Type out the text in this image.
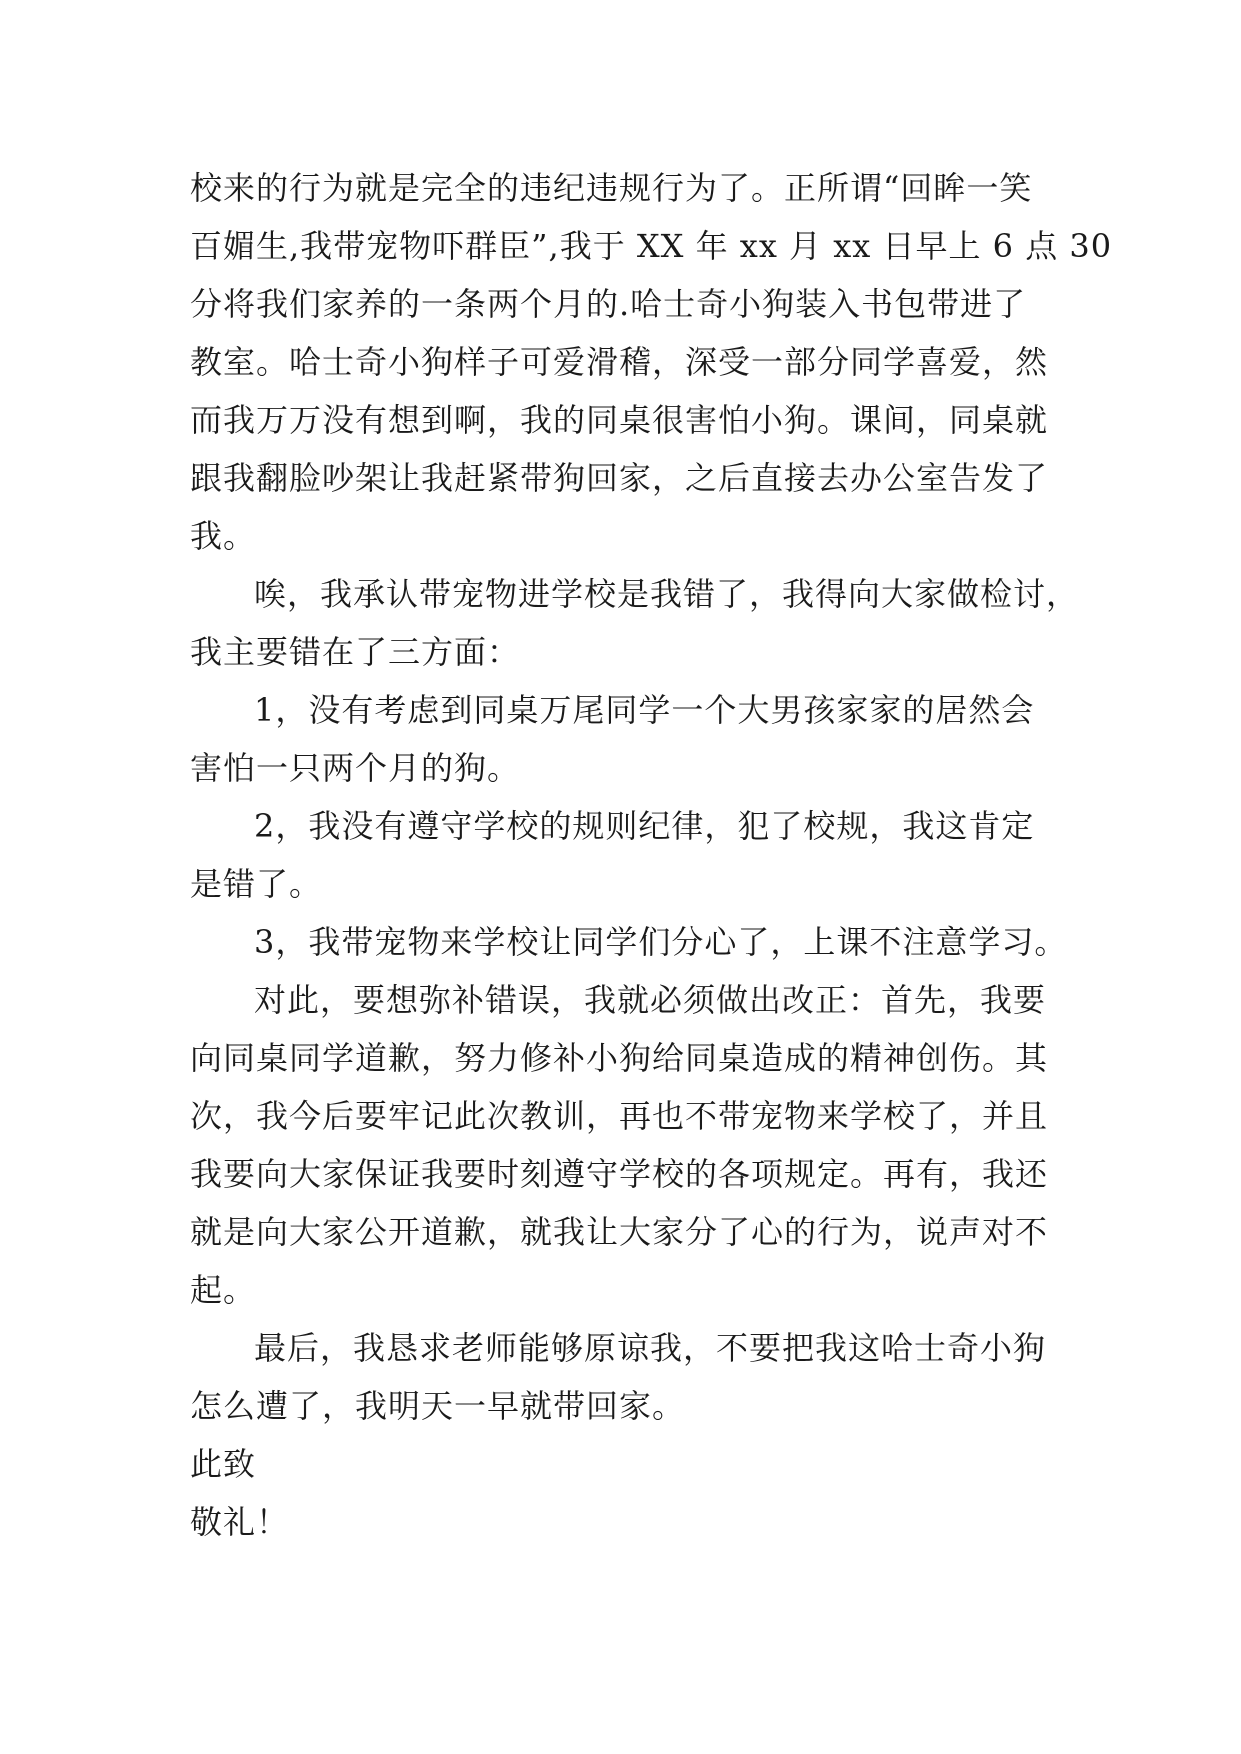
校来的行为就是完全的违纪违规行为了。正所谓“回眸一笑
百媚生,我带宠物吓群臣”,我于 XX 年 xx 月 xx 日早上 6 点 30
分将我们家养的一条两个月的.哈士奇小狗装入书包带进了
教室。哈士奇小狗样子可爱滑稽，深受一部分同学喜爱，然
而我万万没有想到啊，我的同桌很害怕小狗。课间，同桌就
跟我翻脸吵架让我赶紧带狗回家，之后直接去办公室告发了
我。
唉，我承认带宠物进学校是我错了，我得向大家做检讨，
我主要错在了三方面：
1，没有考虑到同桌万尾同学一个大男孩家家的居然会
害怕一只两个月的狗。
2，我没有遵守学校的规则纪律，犯了校规，我这肯定
是错了。
3，我带宠物来学校让同学们分心了，上课不注意学习。
对此，要想弥补错误，我就必须做出改正：首先，我要
向同桌同学道歉，努力修补小狗给同桌造成的精神创伤。其
次，我今后要牢记此次教训，再也不带宠物来学校了，并且
我要向大家保证我要时刻遵守学校的各项规定。再有，我还
就是向大家公开道歉，就我让大家分了心的行为，说声对不
起。
最后，我恳求老师能够原谅我，不要把我这哈士奇小狗
怎么遭了，我明天一早就带回家。
此致
敬礼！
